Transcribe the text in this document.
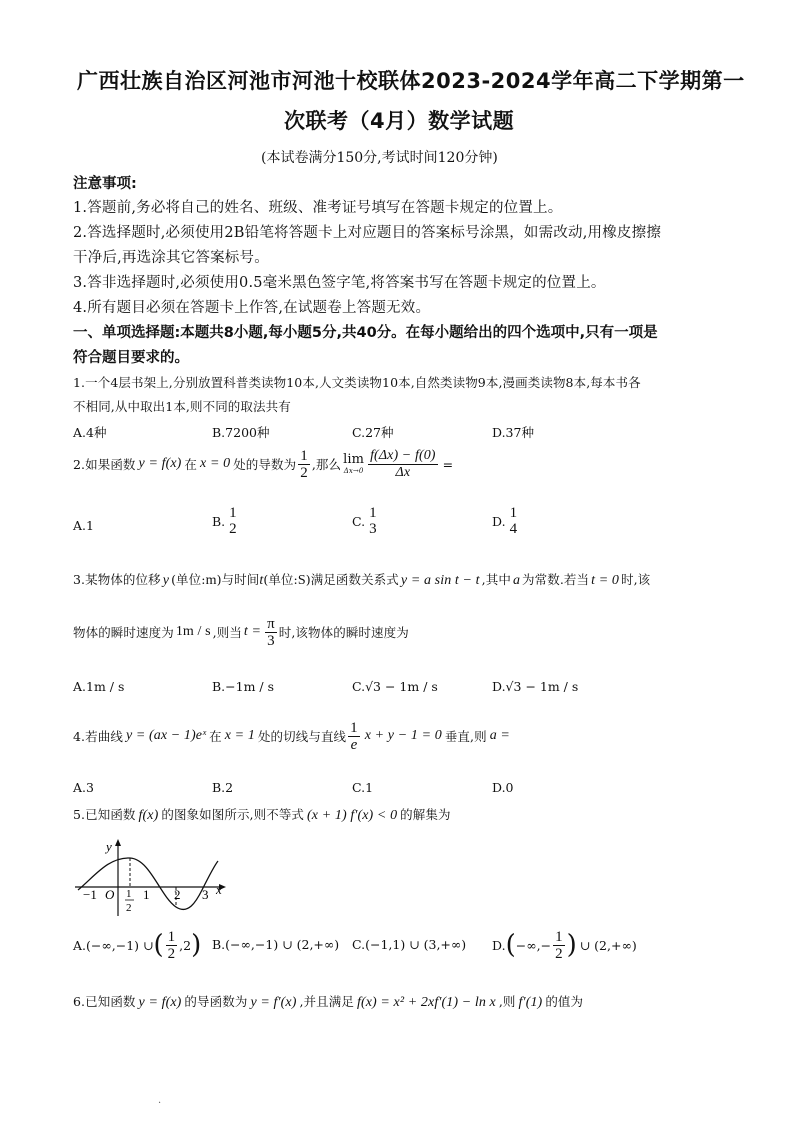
广西壮族自治区河池市河池十校联体2023-2024学年高二下学期第一
次联考（4月）数学试题
(本试卷满分150分,考试时间120分钟)
注意事项:
1.答题前,务必将自己的姓名、班级、准考证号填写在答题卡规定的位置上。
2.答选择题时,必须使用2B铅笔将答题卡上对应题目的答案标号涂黑，如需改动,用橡皮擦擦
干净后,再选涂其它答案标号。
3.答非选择题时,必须使用0.5毫米黑色签字笔,将答案书写在答题卡规定的位置上。
4.所有题目必须在答题卡上作答,在试题卷上答题无效。
一、单项选择题:本题共8小题,每小题5分,共40分。在每小题给出的四个选项中,只有一项是
符合题目要求的。
1.一个4层书架上,分别放置科普类读物10本,人文类读物10本,自然类读物9本,漫画类读物8本,每本书各
不相同,从中取出1本,则不同的取法共有
A.4种	B.7200种	C.27种	D.37种
2.如果函数 y = f(x) 在 x = 0 处的导数为 $\frac{1}{2}$ ,那么 lim
$\Delta x\to 0 \frac{f(\Delta x) - f(0)}{\Delta x}$ =
A.1	B. 1
2	C. 1
3	D. 1
4
3.某物体的位移 y (单位:m)与时间t(单位:S)满足函数关系式 y = a sin t − t ,其中 a 为常数.若当 t = 0 时,该
物体的瞬时速度为 1m / s ,则当 $t = \frac{\pi}{3}$ 时,该物体的瞬时速度为
A.1m / s	B.−1m / s	C.√3 − 1m / s	D.√3 − 1m / s
4.若曲线 y = (ax − 1)eˣ 在 x = 1 处的切线与直线 $\frac{1}{e}$ x + y − 1 = 0 垂直,则 a =
A.3	B.2	C.1	D.0
5.已知函数 f(x) 的图象如图所示,则不等式 (x + 1) f′(x) < 0 的解集为
y
x
−1 O 1
2
1 2 3
A.(−∞,−1) ∪ ( $\frac{1}{2} ,2$ ) B.(−∞,−1) ∪ (2,+∞) C.(−1,1) ∪ (3,+∞) D. ( −∞,− $\frac{1}{2}$ ) ∪ (2,+∞)
6.已知函数 y = f(x) 的导函数为 y = f′(x) ,并且满足 f(x) = x² + 2xf′(1) − ln x ,则 f′(1) 的值为
·
